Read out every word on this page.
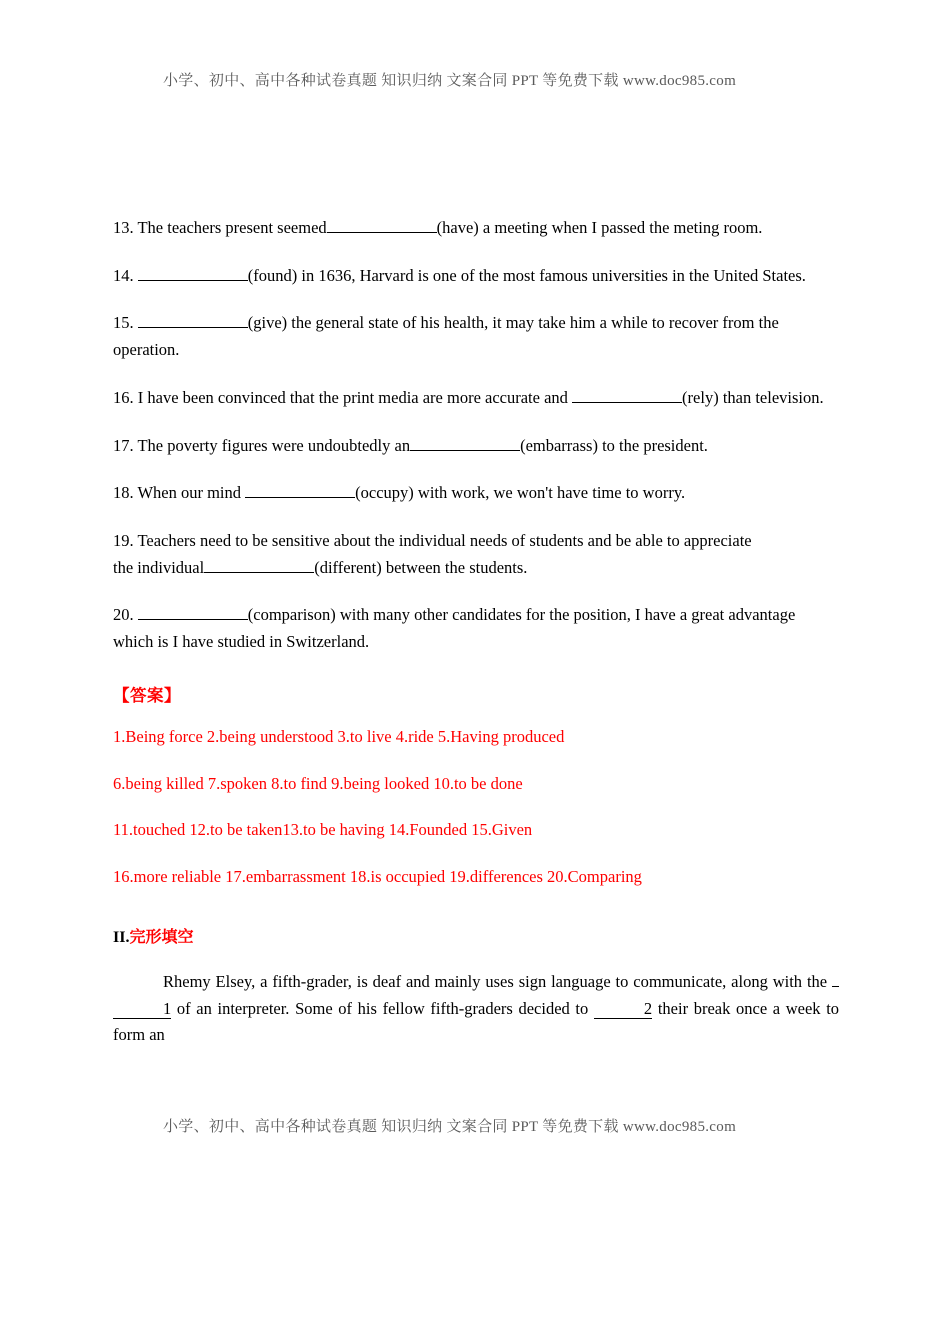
小学、初中、高中各种试卷真题 知识归纳 文案合同 PPT 等免费下载 www.doc985.com

13. The teachers present seemed	(have) a meeting when I passed the meting room.

14.	(found) in 1636, Harvard is one of the most famous universities in the United States.

15.	(give) the general state of his health, it may take him a while to recover from the

operation.

16. I have been convinced that the print media are more accurate and	(rely) than television.

17. The poverty figures were undoubtedly an	(embarrass) to the president.

18. When our mind	(occupy) with work, we won't have time to worry.

19. Teachers need to be sensitive about the individual needs of students and be able to appreciate

the individual	(different) between the students.

20.	(comparison) with many other candidates for the position, I have a great advantage

which is I have studied in Switzerland.

【答案】

1.Being force 2.being understood 3.to live 4.ride 5.Having produced

6.being killed 7.spoken 8.to find 9.being looked 10.to be done

11.touched 12.to be taken13.to be having 14.Founded 15.Given

16.more reliable 17.embarrassment 18.is occupied 19.differences 20.Comparing

II.完形填空

Rhemy Elsey, a fifth-grader, is deaf and mainly uses sign language to communicate, along with the 1 of an interpreter. Some of his fellow fifth-graders decided to	2 their break once a week to form an

小学、初中、高中各种试卷真题 知识归纳 文案合同 PPT 等免费下载 www.doc985.com
